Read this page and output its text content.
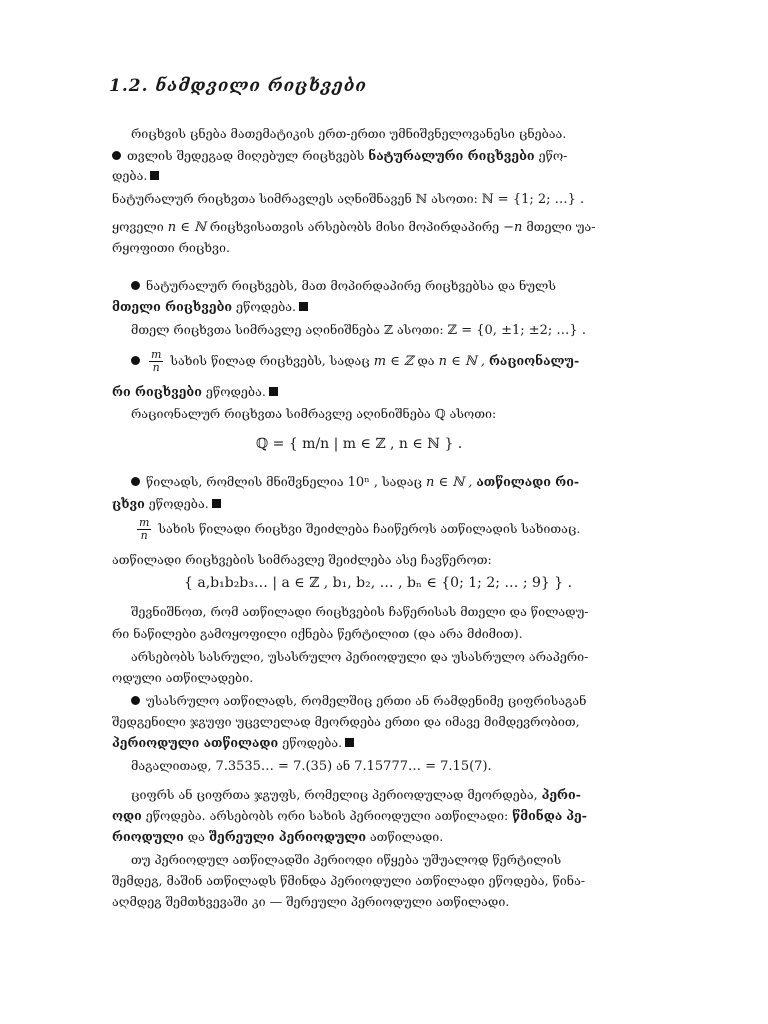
1.2. ნამდვილი რიცხვები
რიცხვის ცნება მათემატიკის ერთ-ერთი უმნიშვნელოვანესი ცნებაა.
თვლის შედეგად მიღებულ რიცხვებს ნატურალური რიცხვები ეწო-
დება.
ნატურალურ რიცხვთა სიმრავლეს აღნიშნავენ ℕ ასოთი: ℕ = {1; 2; …} .
ყოველი n ∈ ℕ რიცხვისათვის არსებობს მისი მოპირდაპირე −n მთელი უა-
რყოფითი რიცხვი.
ნატურალურ რიცხვებს, მათ მოპირდაპირე რიცხვებსა და ნულს
მთელი რიცხვები ეწოდება.
მთელ რიცხვთა სიმრავლე აღინიშნება ℤ ასოთი: ℤ = {0, ±1; ±2; …} .
$\frac{m}{n}$ სახის წილად რიცხვებს, სადაც m ∈ ℤ და n ∈ ℕ , რაციონალუ-
რი რიცხვები ეწოდება.
რაციონალურ რიცხვთა სიმრავლე აღინიშნება ℚ ასოთი:
ℚ = { m/n | m ∈ ℤ , n ∈ ℕ } .
წილადს, რომლის მნიშვნელია 10ⁿ , სადაც n ∈ ℕ , ათწილადი რი-
ცხვი ეწოდება.
$\frac{m}{n}$ სახის წილადი რიცხვი შეიძლება ჩაიწეროს ათწილადის სახითაც.
ათწილადი რიცხვების სიმრავლე შეიძლება ასე ჩავწეროთ:
{ a,b₁b₂b₃… | a ∈ ℤ , b₁, b₂, … , bₙ ∈ {0; 1; 2; … ; 9} } .
შევნიშნოთ, რომ ათწილადი რიცხვების ჩაწერისას მთელი და წილადუ-
რი ნაწილები გამოყოფილი იქნება წერტილით (და არა მძიმით).
არსებობს სასრული, უსასრულო პერიოდული და უსასრულო არაპერი-
ოდული ათწილადები.
უსასრულო ათწილადს, რომელშიც ერთი ან რამდენიმე ციფრისაგან
შედგენილი ჯგუფი უცვლელად მეორდება ერთი და იმავე მიმდევრობით,
პერიოდული ათწილადი ეწოდება.
მაგალითად, 7.3535… = 7.(35) ან 7.15777… = 7.15(7).
ციფრს ან ციფრთა ჯგუფს, რომელიც პერიოდულად მეორდება, პერი-
ოდი ეწოდება. არსებობს ორი სახის პერიოდული ათწილადი: წმინდა პე-
რიოდული და შერეული პერიოდული ათწილადი.
თუ პერიოდულ ათწილადში პერიოდი იწყება უშუალოდ წერტილის
შემდეგ, მაშინ ათწილადს წმინდა პერიოდული ათწილადი ეწოდება, წინა-
აღმდეგ შემთხვევაში კი — შერეული პერიოდული ათწილადი.
